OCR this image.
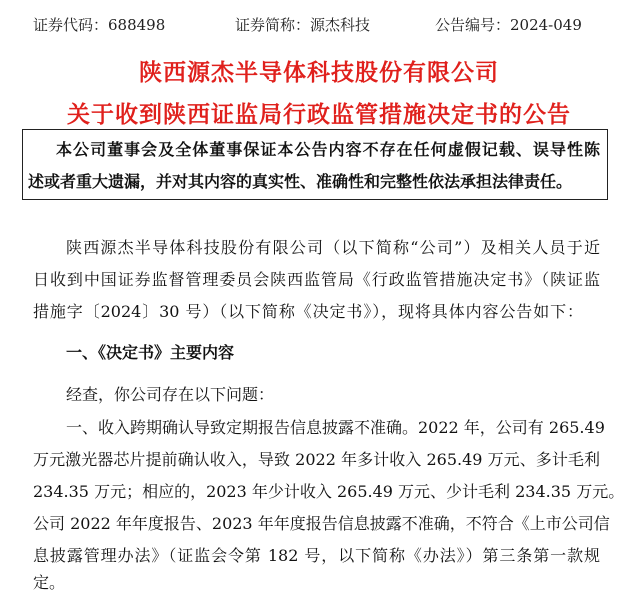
证券代码：688498	证券简称：源杰科技	公告编号：2024-049
陕西源杰半导体科技股份有限公司
关于收到陕西证监局行政监管措施决定书的公告
本公司董事会及全体董事保证本公告内容不存在任何虚假记载、误导性陈
述或者重大遗漏，并对其内容的真实性、准确性和完整性依法承担法律责任。
陕西源杰半导体科技股份有限公司（以下简称“公司”）及相关人员于近
日收到中国证券监督管理委员会陕西监管局《行政监管措施决定书》（陕证监
措施字〔2024〕30 号）（以下简称《决定书》），现将具体内容公告如下：
一、《决定书》主要内容
经查，你公司存在以下问题：
一、收入跨期确认导致定期报告信息披露不准确。2022 年，公司有 265.49
万元激光器芯片提前确认收入，导致 2022 年多计收入 265.49 万元、多计毛利
234.35 万元；相应的，2023 年少计收入 265.49 万元、少计毛利 234.35 万元。
公司 2022 年年度报告、2023 年年度报告信息披露不准确，不符合《上市公司信
息披露管理办法》（证监会令第 182 号，以下简称《办法》）第三条第一款规
定。
